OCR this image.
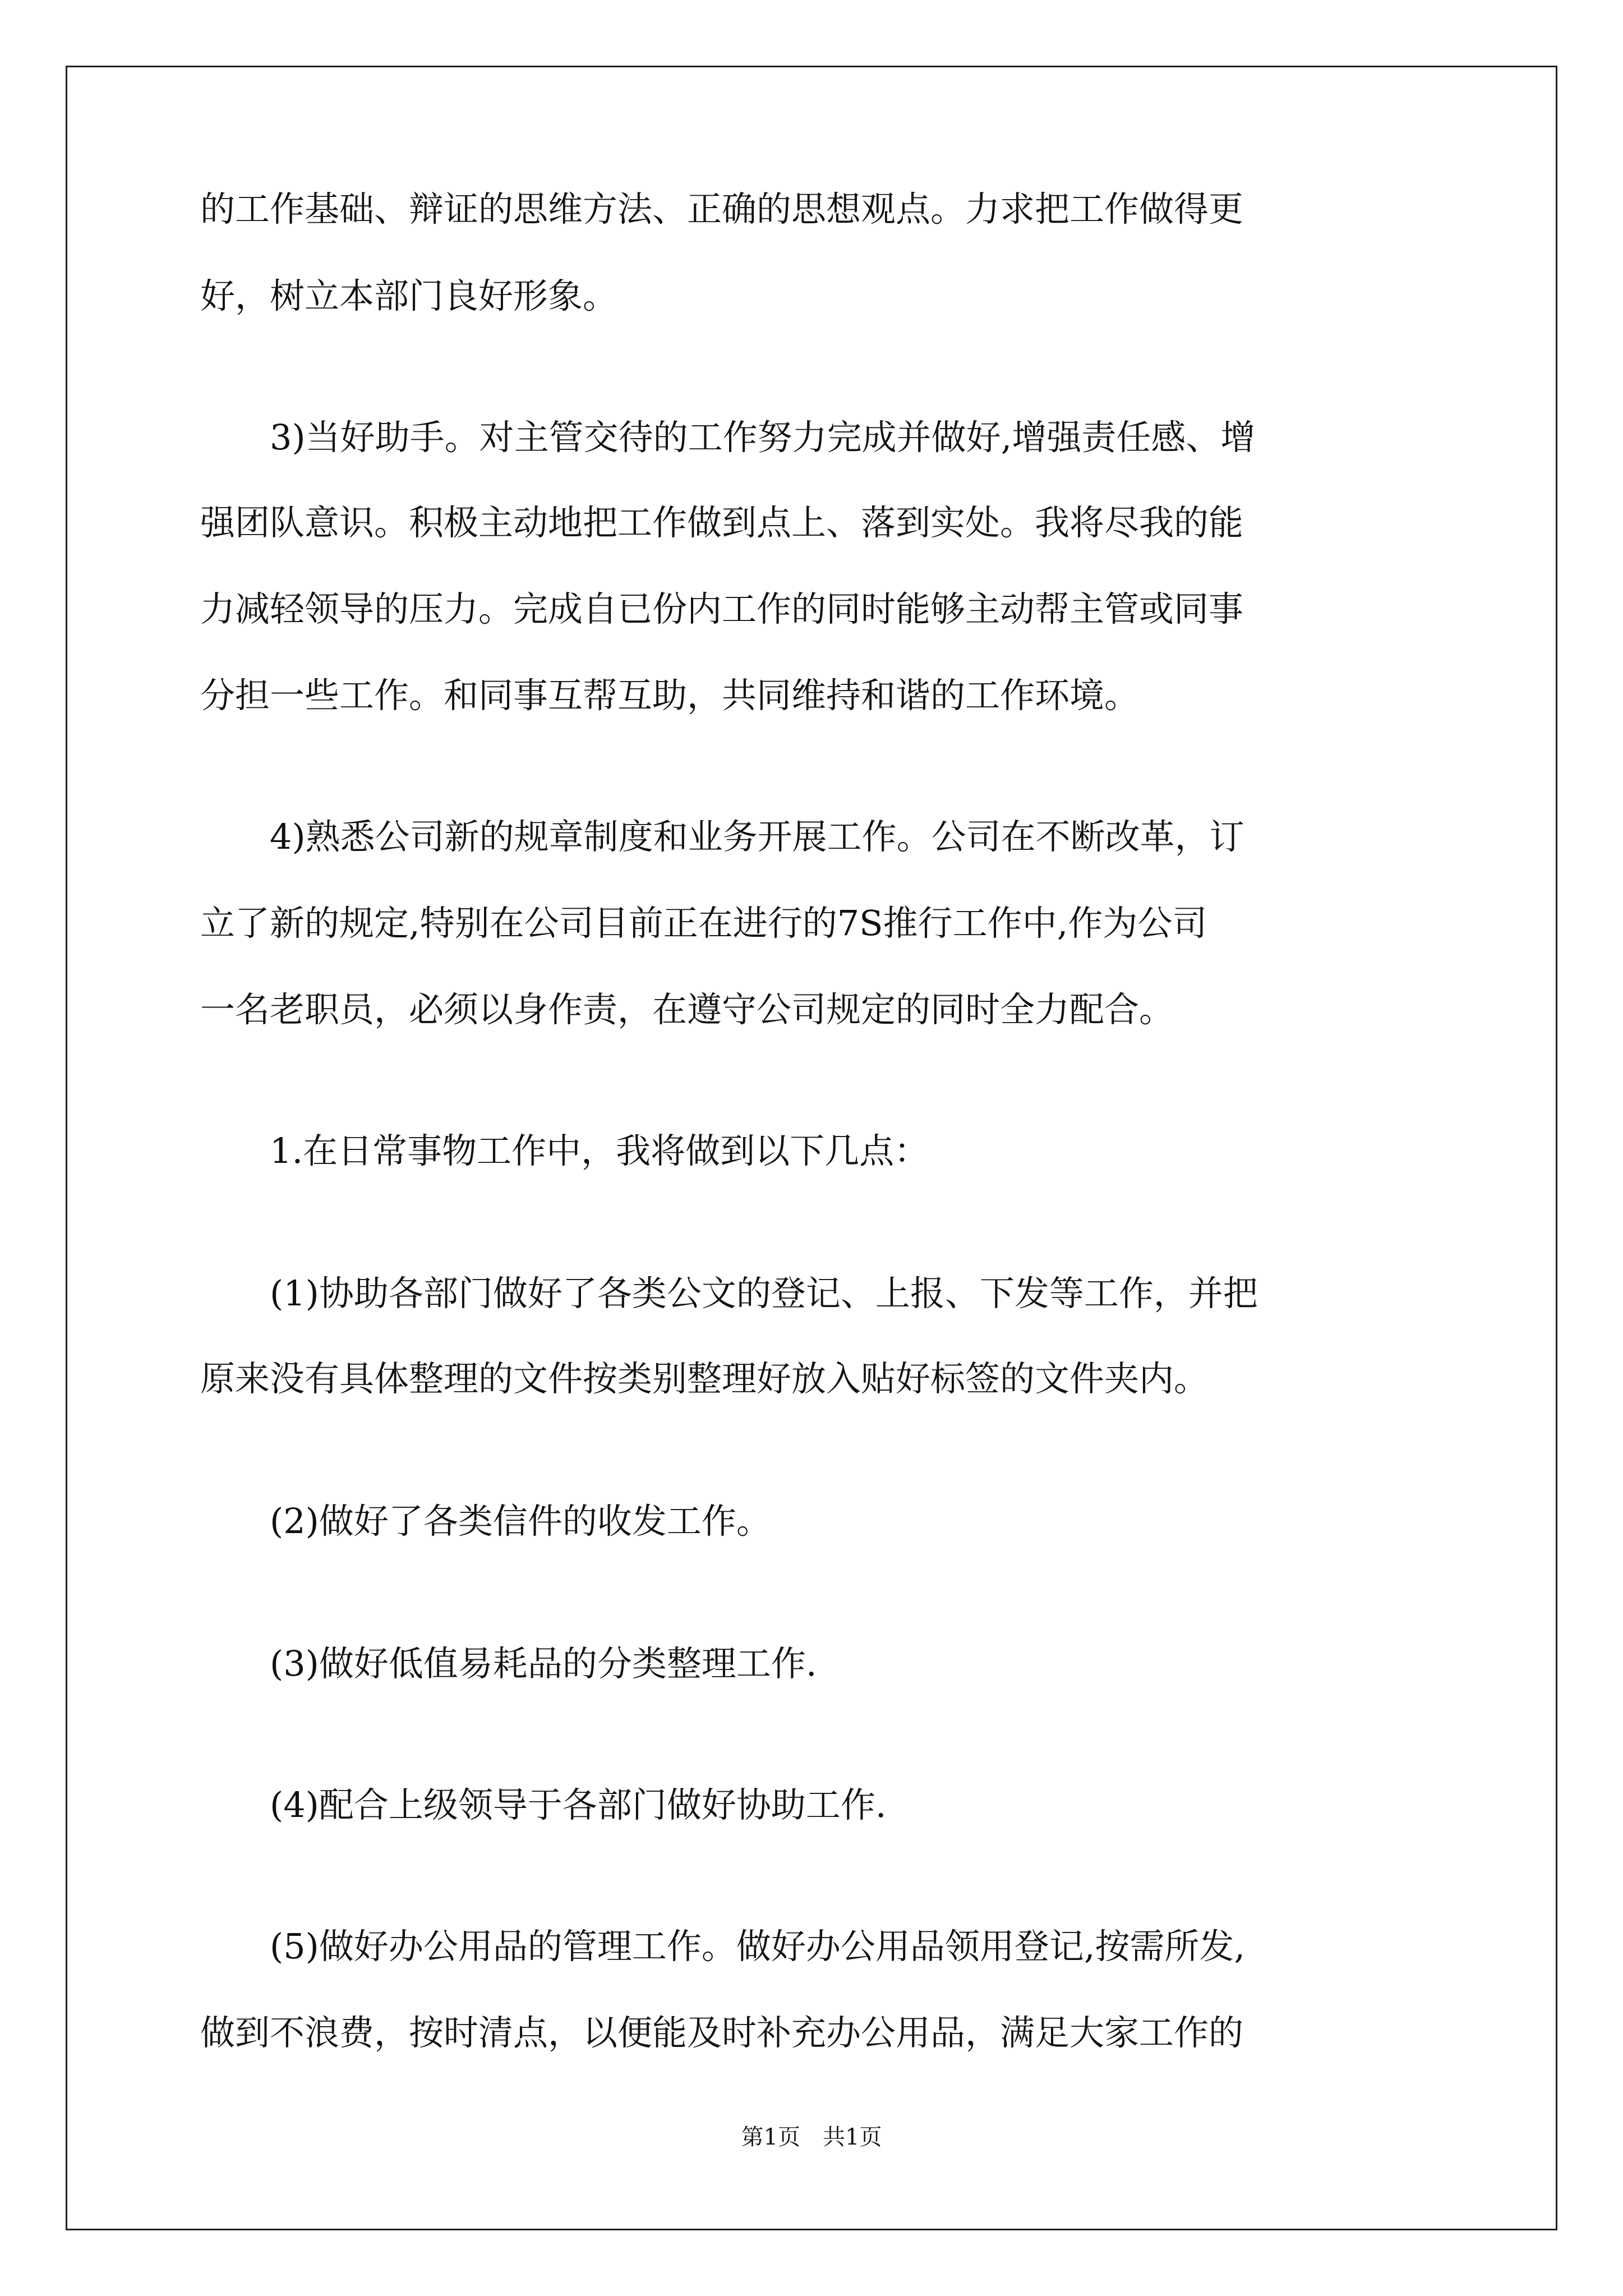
的工作基础、辩证的思维方法、正确的思想观点。力求把工作做得更
好，树立本部门良好形象。
3)当好助手。对主管交待的工作努力完成并做好,增强责任感、增
强团队意识。积极主动地把工作做到点上、落到实处。我将尽我的能
力减轻领导的压力。完成自已份内工作的同时能够主动帮主管或同事
分担一些工作。和同事互帮互助，共同维持和谐的工作环境。
4)熟悉公司新的规章制度和业务开展工作。公司在不断改革，订
立了新的规定,特别在公司目前正在进行的7S推行工作中,作为公司
一名老职员，必须以身作责，在遵守公司规定的同时全力配合。
1.在日常事物工作中，我将做到以下几点：
(1)协助各部门做好了各类公文的登记、上报、下发等工作，并把
原来没有具体整理的文件按类别整理好放入贴好标签的文件夹内。
(2)做好了各类信件的收发工作。
(3)做好低值易耗品的分类整理工作.
(4)配合上级领导于各部门做好协助工作.
(5)做好办公用品的管理工作。做好办公用品领用登记,按需所发,
做到不浪费，按时清点，以便能及时补充办公用品，满足大家工作的
第1页　共1页
